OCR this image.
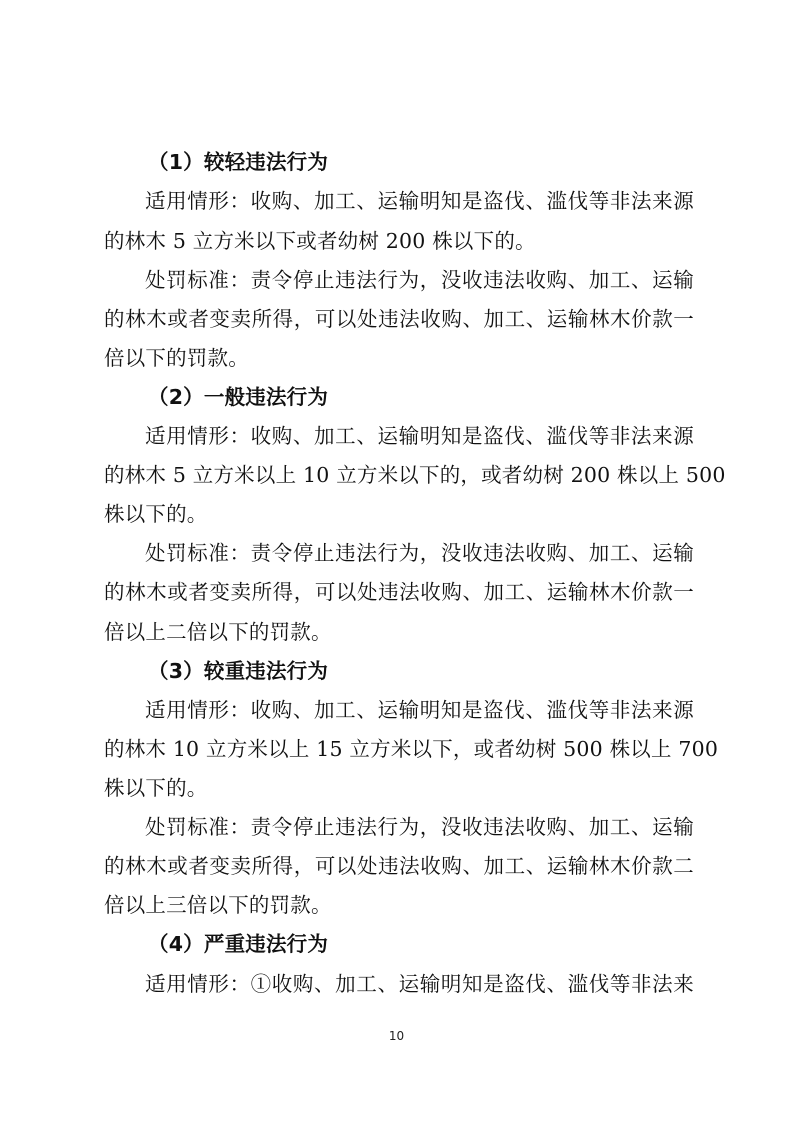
（1）较轻违法行为
适用情形：收购、加工、运输明知是盗伐、滥伐等非法来源
的林木 5 立方米以下或者幼树 200 株以下的。
处罚标准：责令停止违法行为，没收违法收购、加工、运输
的林木或者变卖所得，可以处违法收购、加工、运输林木价款一
倍以下的罚款。
（2）一般违法行为
适用情形：收购、加工、运输明知是盗伐、滥伐等非法来源
的林木 5 立方米以上 10 立方米以下的，或者幼树 200 株以上 500
株以下的。
处罚标准：责令停止违法行为，没收违法收购、加工、运输
的林木或者变卖所得，可以处违法收购、加工、运输林木价款一
倍以上二倍以下的罚款。
（3）较重违法行为
适用情形：收购、加工、运输明知是盗伐、滥伐等非法来源
的林木 10 立方米以上 15 立方米以下，或者幼树 500 株以上 700
株以下的。
处罚标准：责令停止违法行为，没收违法收购、加工、运输
的林木或者变卖所得，可以处违法收购、加工、运输林木价款二
倍以上三倍以下的罚款。
（4）严重违法行为
适用情形：①收购、加工、运输明知是盗伐、滥伐等非法来
10
